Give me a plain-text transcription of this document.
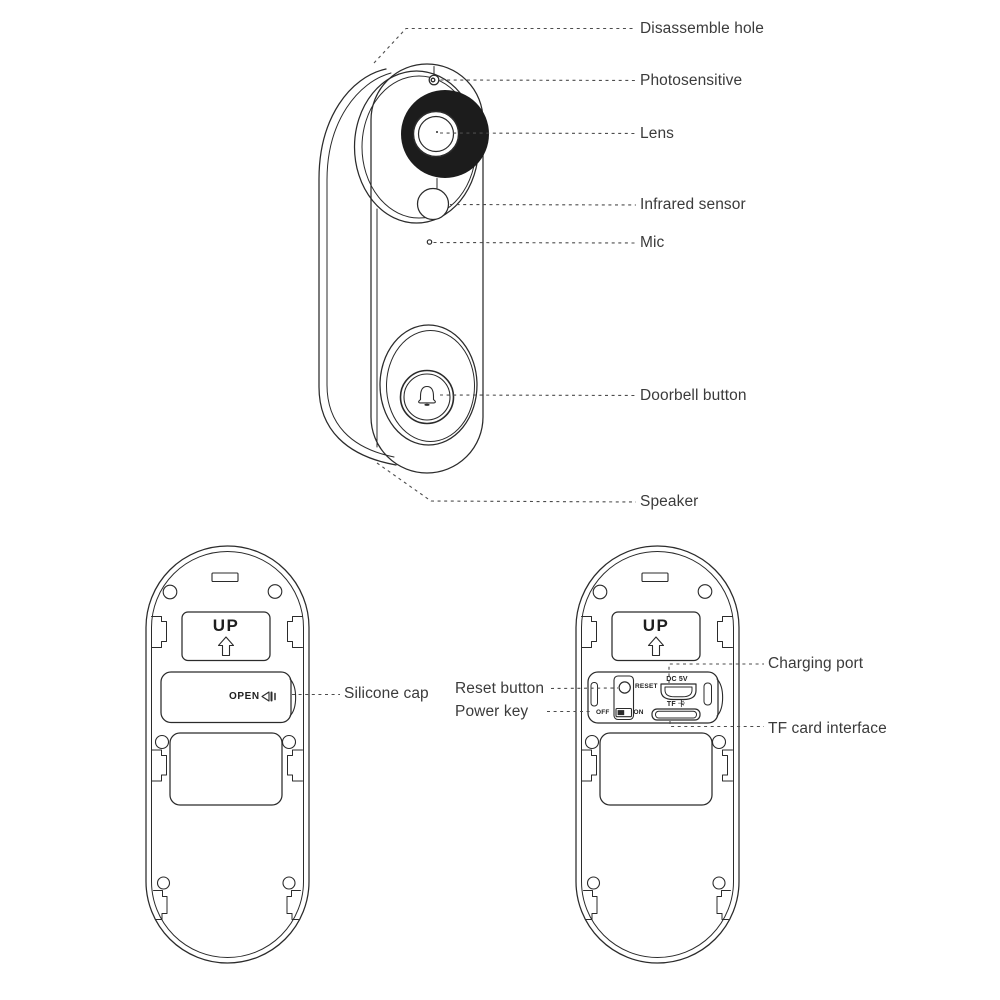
Disassemble hole
Photosensitive
Lens
Infrared sensor
Mic
Doorbell button
Speaker
Silicone cap Reset button
Power key
Charging port
TF card interface
UP	UP
OPEN
RESET
OFF	ON
DC 5V
TF 卡
